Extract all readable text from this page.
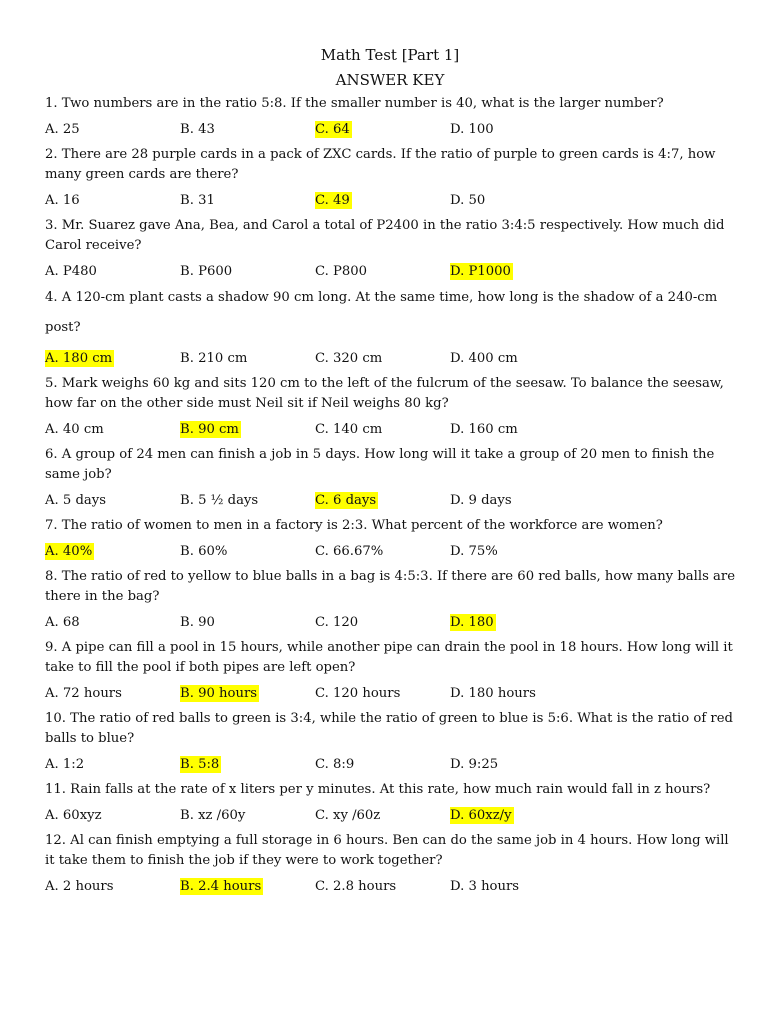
Math Test [Part 1]

ANSWER KEY

1. Two numbers are in the ratio 5:8. If the smaller number is 40, what is the larger number?

A. 25	B. 43	C. 64	D. 100

2. There are 28 purple cards in a pack of ZXC cards. If the ratio of purple to green cards is 4:7, how many green cards are there?

A. 16	B. 31	C. 49	D. 50

3. Mr. Suarez gave Ana, Bea, and Carol a total of P2400 in the ratio 3:4:5 respectively. How much did Carol receive?

A. P480	B. P600	C. P800	D. P1000

4. A 120-cm plant casts a shadow 90 cm long. At the same time, how long is the shadow of a 240-cm post?

A. 180 cm	B. 210 cm	C. 320 cm	D. 400 cm

5. Mark weighs 60 kg and sits 120 cm to the left of the fulcrum of the seesaw. To balance the seesaw, how far on the other side must Neil sit if Neil weighs 80 kg?

A. 40 cm	B. 90 cm	C. 140 cm	D. 160 cm

6. A group of 24 men can finish a job in 5 days. How long will it take a group of 20 men to finish the same job?

A. 5 days	B. 5 ½ days	C. 6 days	D. 9 days

7. The ratio of women to men in a factory is 2:3. What percent of the workforce are women?

A. 40%	B. 60%	C. 66.67%	D. 75%

8. The ratio of red to yellow to blue balls in a bag is 4:5:3. If there are 60 red balls, how many balls are there in the bag?

A. 68	B. 90	C. 120	D. 180

9. A pipe can fill a pool in 15 hours, while another pipe can drain the pool in 18 hours. How long will it take to fill the pool if both pipes are left open?

A. 72 hours	B. 90 hours	C. 120 hours	D. 180 hours

10. The ratio of red balls to green is 3:4, while the ratio of green to blue is 5:6. What is the ratio of red balls to blue?

A. 1:2	B. 5:8	C. 8:9	D. 9:25

11. Rain falls at the rate of x liters per y minutes. At this rate, how much rain would fall in z hours?

A. 60xyz	B. xz /60y	C. xy /60z	D. 60xz/y

12. Al can finish emptying a full storage in 6 hours. Ben can do the same job in 4 hours. How long will it take them to finish the job if they were to work together?

A. 2 hours	B. 2.4 hours	C. 2.8 hours	D. 3 hours
